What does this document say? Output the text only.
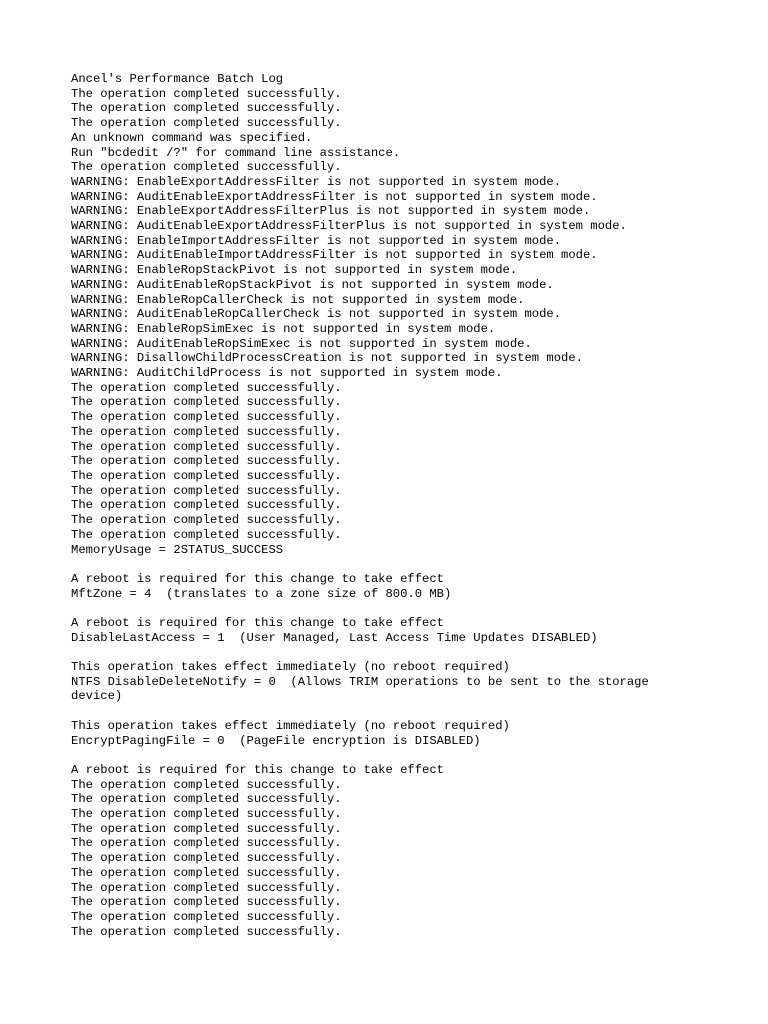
Ancel's Performance Batch Log
The operation completed successfully.
The operation completed successfully.
The operation completed successfully.
An unknown command was specified.
Run "bcdedit /?" for command line assistance.
The operation completed successfully.
WARNING: EnableExportAddressFilter is not supported in system mode.
WARNING: AuditEnableExportAddressFilter is not supported in system mode.
WARNING: EnableExportAddressFilterPlus is not supported in system mode.
WARNING: AuditEnableExportAddressFilterPlus is not supported in system mode.
WARNING: EnableImportAddressFilter is not supported in system mode.
WARNING: AuditEnableImportAddressFilter is not supported in system mode.
WARNING: EnableRopStackPivot is not supported in system mode.
WARNING: AuditEnableRopStackPivot is not supported in system mode.
WARNING: EnableRopCallerCheck is not supported in system mode.
WARNING: AuditEnableRopCallerCheck is not supported in system mode.
WARNING: EnableRopSimExec is not supported in system mode.
WARNING: AuditEnableRopSimExec is not supported in system mode.
WARNING: DisallowChildProcessCreation is not supported in system mode.
WARNING: AuditChildProcess is not supported in system mode.
The operation completed successfully.
The operation completed successfully.
The operation completed successfully.
The operation completed successfully.
The operation completed successfully.
The operation completed successfully.
The operation completed successfully.
The operation completed successfully.
The operation completed successfully.
The operation completed successfully.
The operation completed successfully.
MemoryUsage = 2STATUS_SUCCESS
A reboot is required for this change to take effect
MftZone = 4  (translates to a zone size of 800.0 MB)
A reboot is required for this change to take effect
DisableLastAccess = 1  (User Managed, Last Access Time Updates DISABLED)
This operation takes effect immediately (no reboot required)
NTFS DisableDeleteNotify = 0  (Allows TRIM operations to be sent to the storage
device)
This operation takes effect immediately (no reboot required)
EncryptPagingFile = 0  (PageFile encryption is DISABLED)
A reboot is required for this change to take effect
The operation completed successfully.
The operation completed successfully.
The operation completed successfully.
The operation completed successfully.
The operation completed successfully.
The operation completed successfully.
The operation completed successfully.
The operation completed successfully.
The operation completed successfully.
The operation completed successfully.
The operation completed successfully.
